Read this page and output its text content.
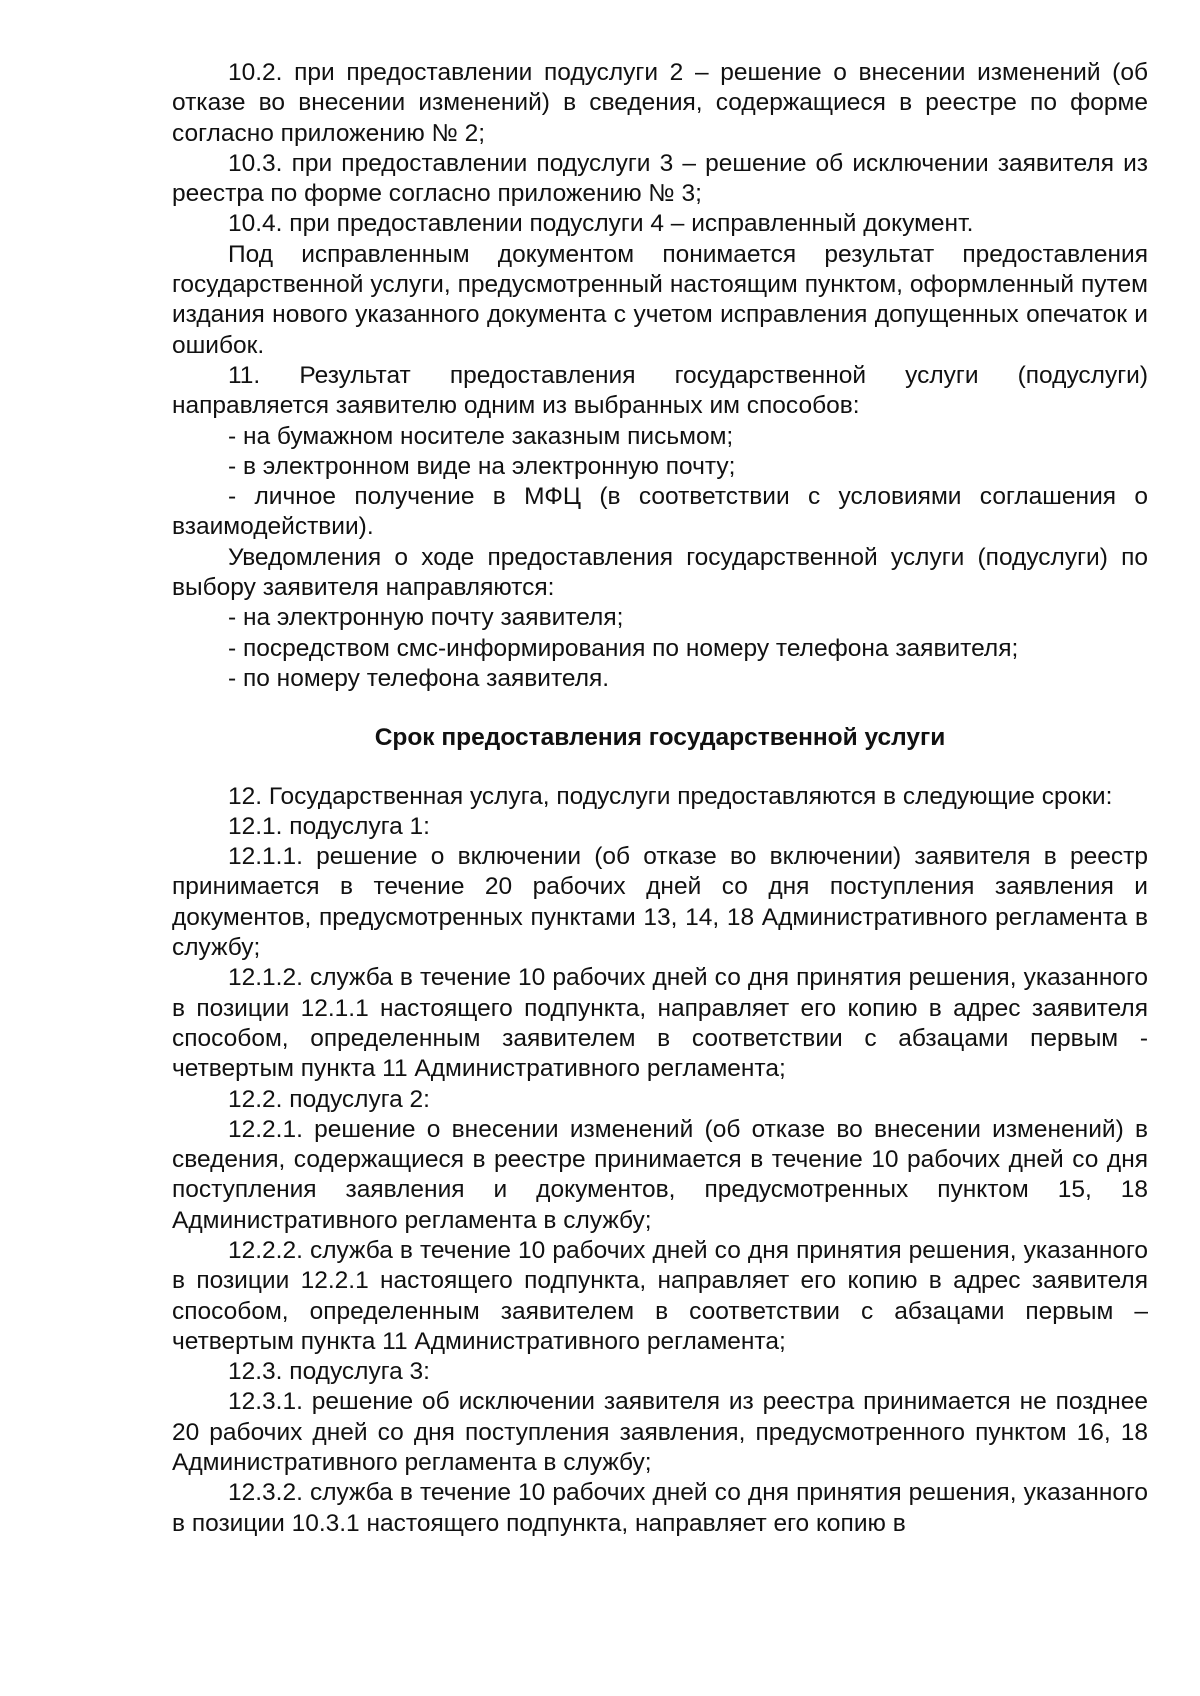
10.2. при предоставлении подуслуги 2 – решение о внесении изменений (об отказе во внесении изменений) в сведения, содержащиеся в реестре по форме согласно приложению № 2;

10.3. при предоставлении подуслуги 3 – решение об исключении заявителя из реестра по форме согласно приложению № 3;

10.4. при предоставлении подуслуги 4 – исправленный документ.

Под исправленным документом понимается результат предоставления государственной услуги, предусмотренный настоящим пунктом, оформленный путем издания нового указанного документа с учетом исправления допущенных опечаток и ошибок.

11. Результат предоставления государственной услуги (подуслуги) направляется заявителю одним из выбранных им способов:

- на бумажном носителе заказным письмом;

- в электронном виде на электронную почту;

- личное получение в МФЦ (в соответствии с условиями соглашения о взаимодействии).

Уведомления о ходе предоставления государственной услуги (подуслуги) по выбору заявителя направляются:

- на электронную почту заявителя;

- посредством смс-информирования по номеру телефона заявителя;

- по номеру телефона заявителя.

Срок предоставления государственной услуги

12. Государственная услуга, подуслуги предоставляются в следующие сроки:

12.1. подуслуга 1:

12.1.1. решение о включении (об отказе во включении) заявителя в реестр принимается в течение 20 рабочих дней со дня поступления заявления и документов, предусмотренных пунктами 13, 14, 18 Административного регламента в службу;

12.1.2. служба в течение 10 рабочих дней со дня принятия решения, указанного в позиции 12.1.1 настоящего подпункта, направляет его копию в адрес заявителя способом, определенным заявителем в соответствии с абзацами первым - четвертым пункта 11 Административного регламента;

12.2. подуслуга 2:

12.2.1. решение о внесении изменений (об отказе во внесении изменений) в сведения, содержащиеся в реестре принимается в течение 10 рабочих дней со дня поступления заявления и документов, предусмотренных пунктом 15, 18 Административного регламента в службу;

12.2.2. служба в течение 10 рабочих дней со дня принятия решения, указанного в позиции 12.2.1 настоящего подпункта, направляет его копию в адрес заявителя способом, определенным заявителем в соответствии с абзацами первым – четвертым пункта 11 Административного регламента;

12.3. подуслуга 3:

12.3.1. решение об исключении заявителя из реестра принимается не позднее 20 рабочих дней со дня поступления заявления, предусмотренного пунктом 16, 18 Административного регламента в службу;

12.3.2. служба в течение 10 рабочих дней со дня принятия решения, указанного в позиции 10.3.1 настоящего подпункта, направляет его копию в
